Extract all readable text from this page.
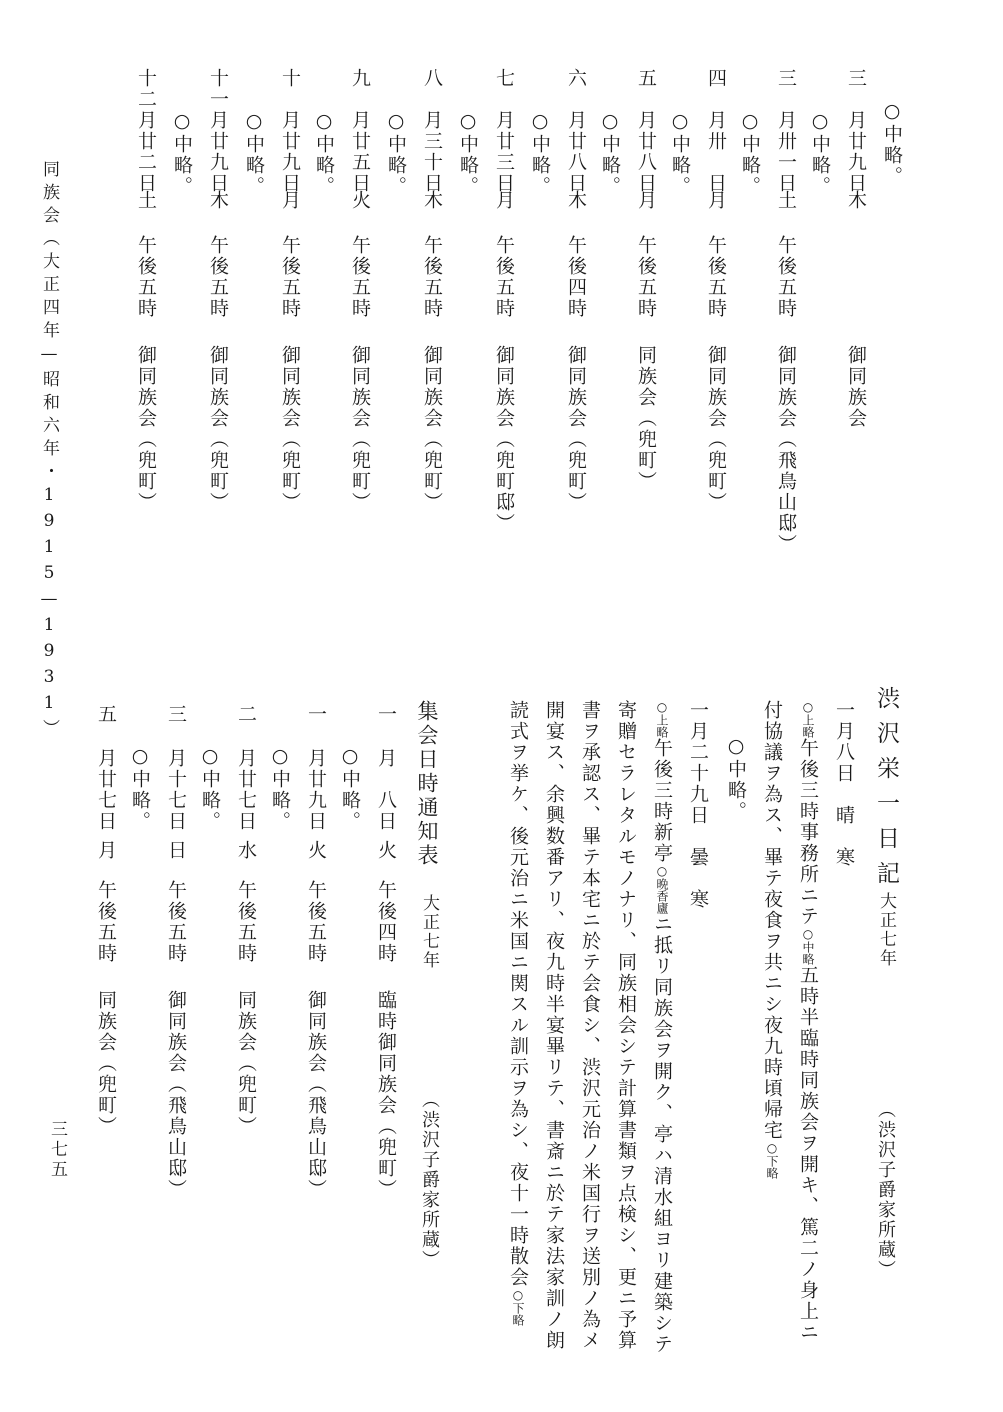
同族会（大正四年—昭和六年・1915—1931）
三七五
○中略。
三
月廿九日
木
御同族会
○中略。
三
月卅一日
土
午後五時
御同族会（飛鳥山邸）
○中略。
四
月卅　日
月
午後五時
御同族会（兜町）
○中略。
五
月廿八日
月
午後五時
同族会（兜町）
○中略。
六
月廿八日
木
午後四時
御同族会（兜町）
○中略。
七
月廿三日
月
午後五時
御同族会（兜町邸）
○中略。
八
月三十日
木
午後五時
御同族会（兜町）
○中略。
九
月廿五日
火
午後五時
御同族会（兜町）
○中略。
十
月廿九日
月
午後五時
御同族会（兜町）
○中略。
十一
月廿九日
木
午後五時
御同族会（兜町）
○中略。
十二
月廿二日
土
午後五時
御同族会（兜町）
渋沢栄一日記
大正七年
（渋沢子爵家所蔵）
一月八日　晴　寒
○上略午後三時事務所ニテ○中略五時半臨時同族会ヲ開キ、篤二ノ身上ニ
付協議ヲ為ス、畢テ夜食ヲ共ニシ夜九時頃帰宅○下略
○中略。
一月二十九日　曇　寒
○上略午後三時新亭○晩香廬ニ抵リ同族会ヲ開ク、亭ハ清水組ヨリ建築シテ
寄贈セラレタルモノナリ、同族相会シテ計算書類ヲ点検シ、更ニ予算
書ヲ承認ス、畢テ本宅ニ於テ会食シ、渋沢元治ノ米国行ヲ送別ノ為メ
開宴ス、余興数番アリ、夜九時半宴畢リテ、書斎ニ於テ家法家訓ノ朗
読式ヲ挙ケ、後元治ニ米国ニ関スル訓示ヲ為シ、夜十一時散会○下略
集会日時通知表
大正七年
（渋沢子爵家所蔵）
一
月　八日
火
午後四時
臨時御同族会（兜町）
○中略。
一
月廿九日
火
午後五時
御同族会（飛鳥山邸）
○中略。
二
月廿七日
水
午後五時
同族会（兜町）
○中略。
三
月十七日
日
午後五時
御同族会（飛鳥山邸）
○中略。
五
月廿七日
月
午後五時
同族会（兜町）
